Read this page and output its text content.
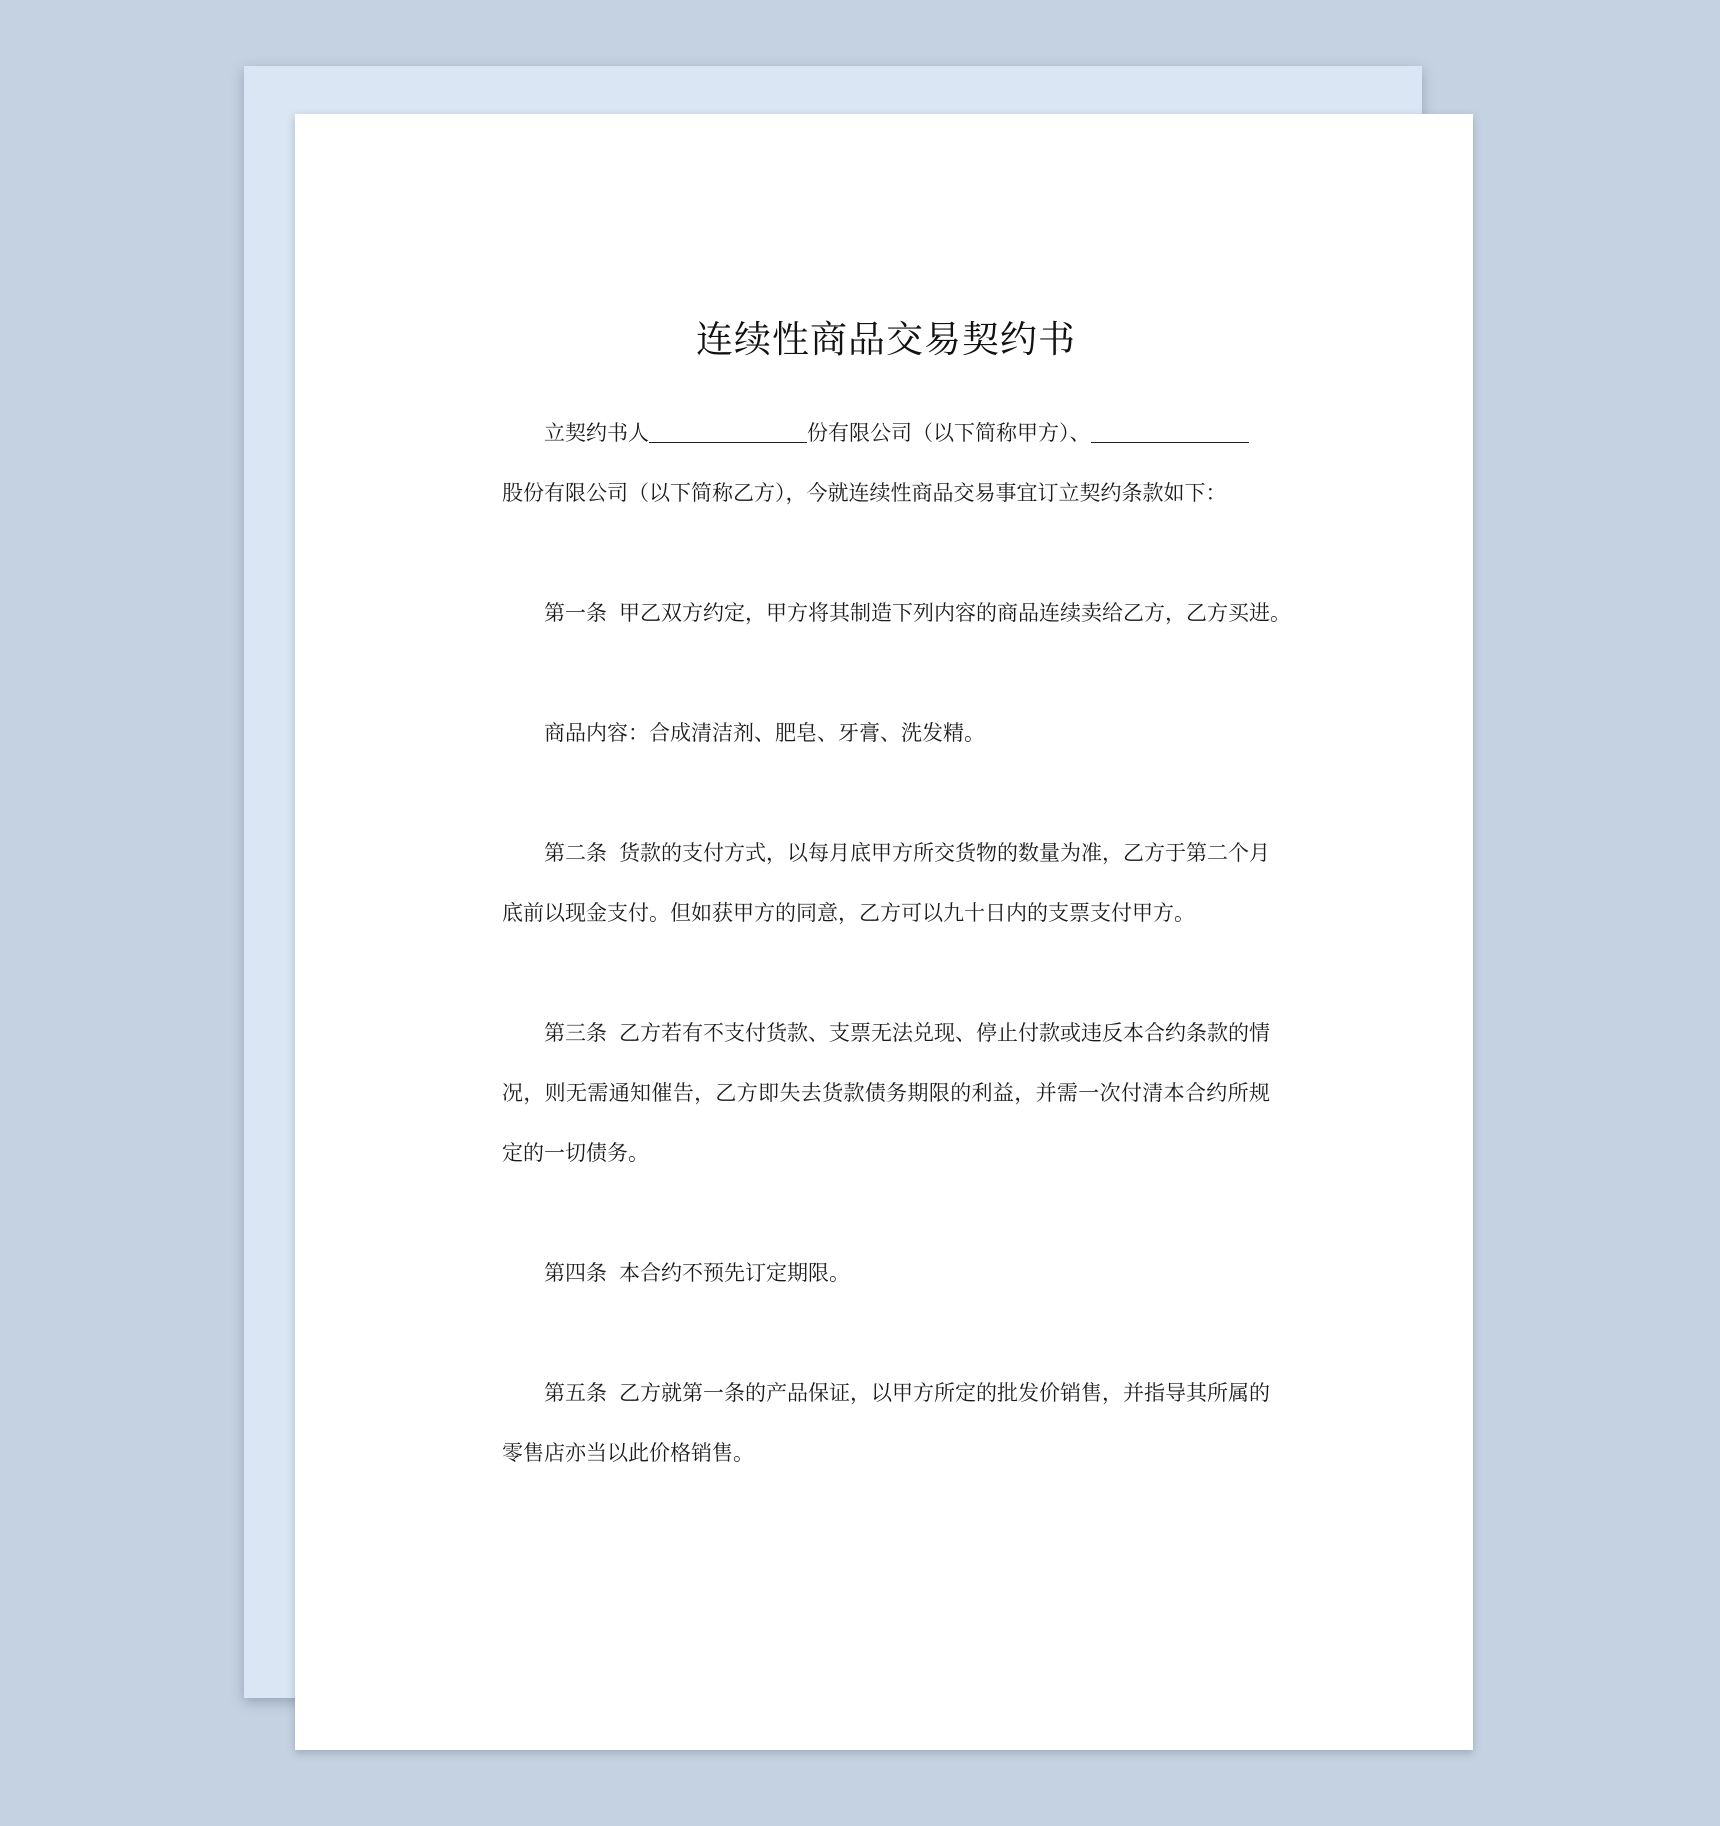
连续性商品交易契约书

立契约书人	份有限公司（以下简称甲方）、

股份有限公司（以下简称乙方），今就连续性商品交易事宜订立契约条款如下：

第一条 甲乙双方约定，甲方将其制造下列内容的商品连续卖给乙方，乙方买进。

商品内容：合成清洁剂、肥皂、牙膏、洗发精。

第二条 货款的支付方式，以每月底甲方所交货物的数量为准，乙方于第二个月底前以现金支付。但如获甲方的同意，乙方可以九十日内的支票支付甲方。

第三条 乙方若有不支付货款、支票无法兑现、停止付款或违反本合约条款的情况，则无需通知催告，乙方即失去货款债务期限的利益，并需一次付清本合约所规定的一切债务。

第四条 本合约不预先订定期限。

第五条 乙方就第一条的产品保证，以甲方所定的批发价销售，并指导其所属的零售店亦当以此价格销售。
